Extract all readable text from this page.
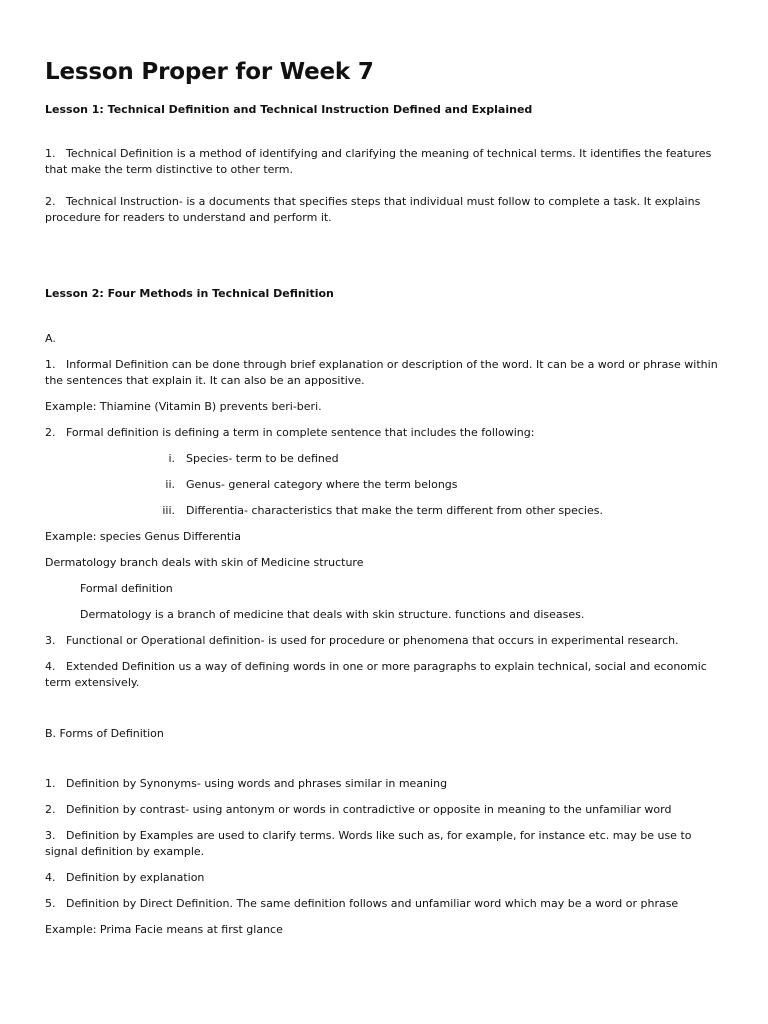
Lesson Proper for Week 7
Lesson 1: Technical Definition and Technical Instruction Defined and Explained

1. Technical Definition is a method of identifying and clarifying the meaning of technical terms. It identifies the features that make the term distinctive to other term.

2. Technical Instruction- is a documents that specifies steps that individual must follow to complete a task. It explains procedure for readers to understand and perform it.

Lesson 2: Four Methods in Technical Definition

A.

1. Informal Definition can be done through brief explanation or description of the word. It can be a word or phrase within the sentences that explain it. It can also be an appositive.

Example: Thiamine (Vitamin B) prevents beri-beri.

2. Formal definition is defining a term in complete sentence that includes the following:

i. Species- term to be defined
ii. Genus- general category where the term belongs
iii. Differentia- characteristics that make the term different from other species.

Example: species Genus Differentia

Dermatology branch deals with skin of Medicine structure

Formal definition

Dermatology is a branch of medicine that deals with skin structure. functions and diseases.

3. Functional or Operational definition- is used for procedure or phenomena that occurs in experimental research.

4. Extended Definition us a way of defining words in one or more paragraphs to explain technical, social and economic term extensively.

B. Forms of Definition

1. Definition by Synonyms- using words and phrases similar in meaning

2. Definition by contrast- using antonym or words in contradictive or opposite in meaning to the unfamiliar word

3. Definition by Examples are used to clarify terms. Words like such as, for example, for instance etc. may be use to signal definition by example.

4. Definition by explanation

5. Definition by Direct Definition. The same definition follows and unfamiliar word which may be a word or phrase

Example: Prima Facie means at first glance
